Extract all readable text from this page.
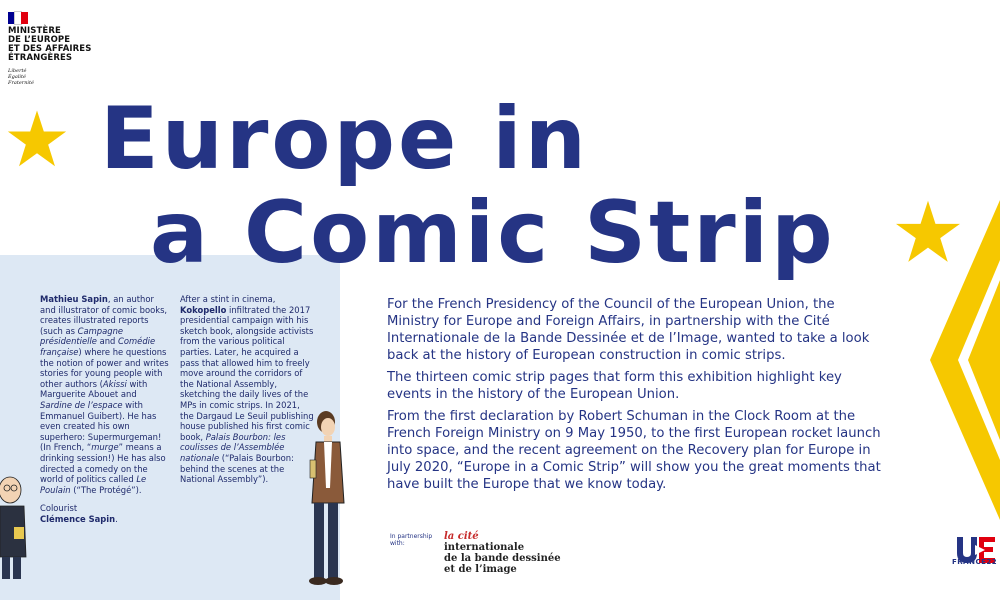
MINISTÈRE
DE L’EUROPE
ET DES AFFAIRES
ÉTRANGÈRES
Liberté
Égalité
Fraternité
Europe in
a Comic Strip

Mathieu Sapin, an author and illustrator of comic books, creates illustrated reports (such as Campagne présidentielle and Comédie française) where he questions the notion of power and writes stories for young people with other authors (Akissi with Marguerite Abouet and Sardine de l’espace with Emmanuel Guibert). He has even created his own superhero: Supermurgeman! (In French, “murge” means a drinking session!) He has also directed a comedy on the world of politics called Le Poulain (“The Protégé”).

Colourist
Clémence Sapin.

After a stint in cinema, Kokopello infiltrated the 2017 presidential campaign with his sketch book, alongside activists from the various political parties. Later, he acquired a pass that allowed him to freely move around the corridors of the National Assembly, sketching the daily lives of the MPs in comic strips. In 2021, the Dargaud Le Seuil publishing house published his first comic book, Palais Bourbon: les coulisses de l’Assemblée nationale (“Palais Bourbon: behind the scenes at the National Assembly”).

For the French Presidency of the Council of the European Union, the Ministry for Europe and Foreign Affairs, in partnership with the Cité Internationale de la Bande Dessinée et de l’Image, wanted to take a look back at the history of European construction in comic strips.

The thirteen comic strip pages that form this exhibition highlight key events in the history of the European Union.

From the first declaration by Robert Schuman in the Clock Room at the French Foreign Ministry on 9 May 1950, to the first European rocket launch into space, and the recent agreement on the Recovery plan for Europe in July 2020, “Europe in a Comic Strip” will show you the great moments that have built the Europe that we know today.

In partnership
with:
la cité
internationale
de la bande dessinée
et de l’image
FRANCE22
